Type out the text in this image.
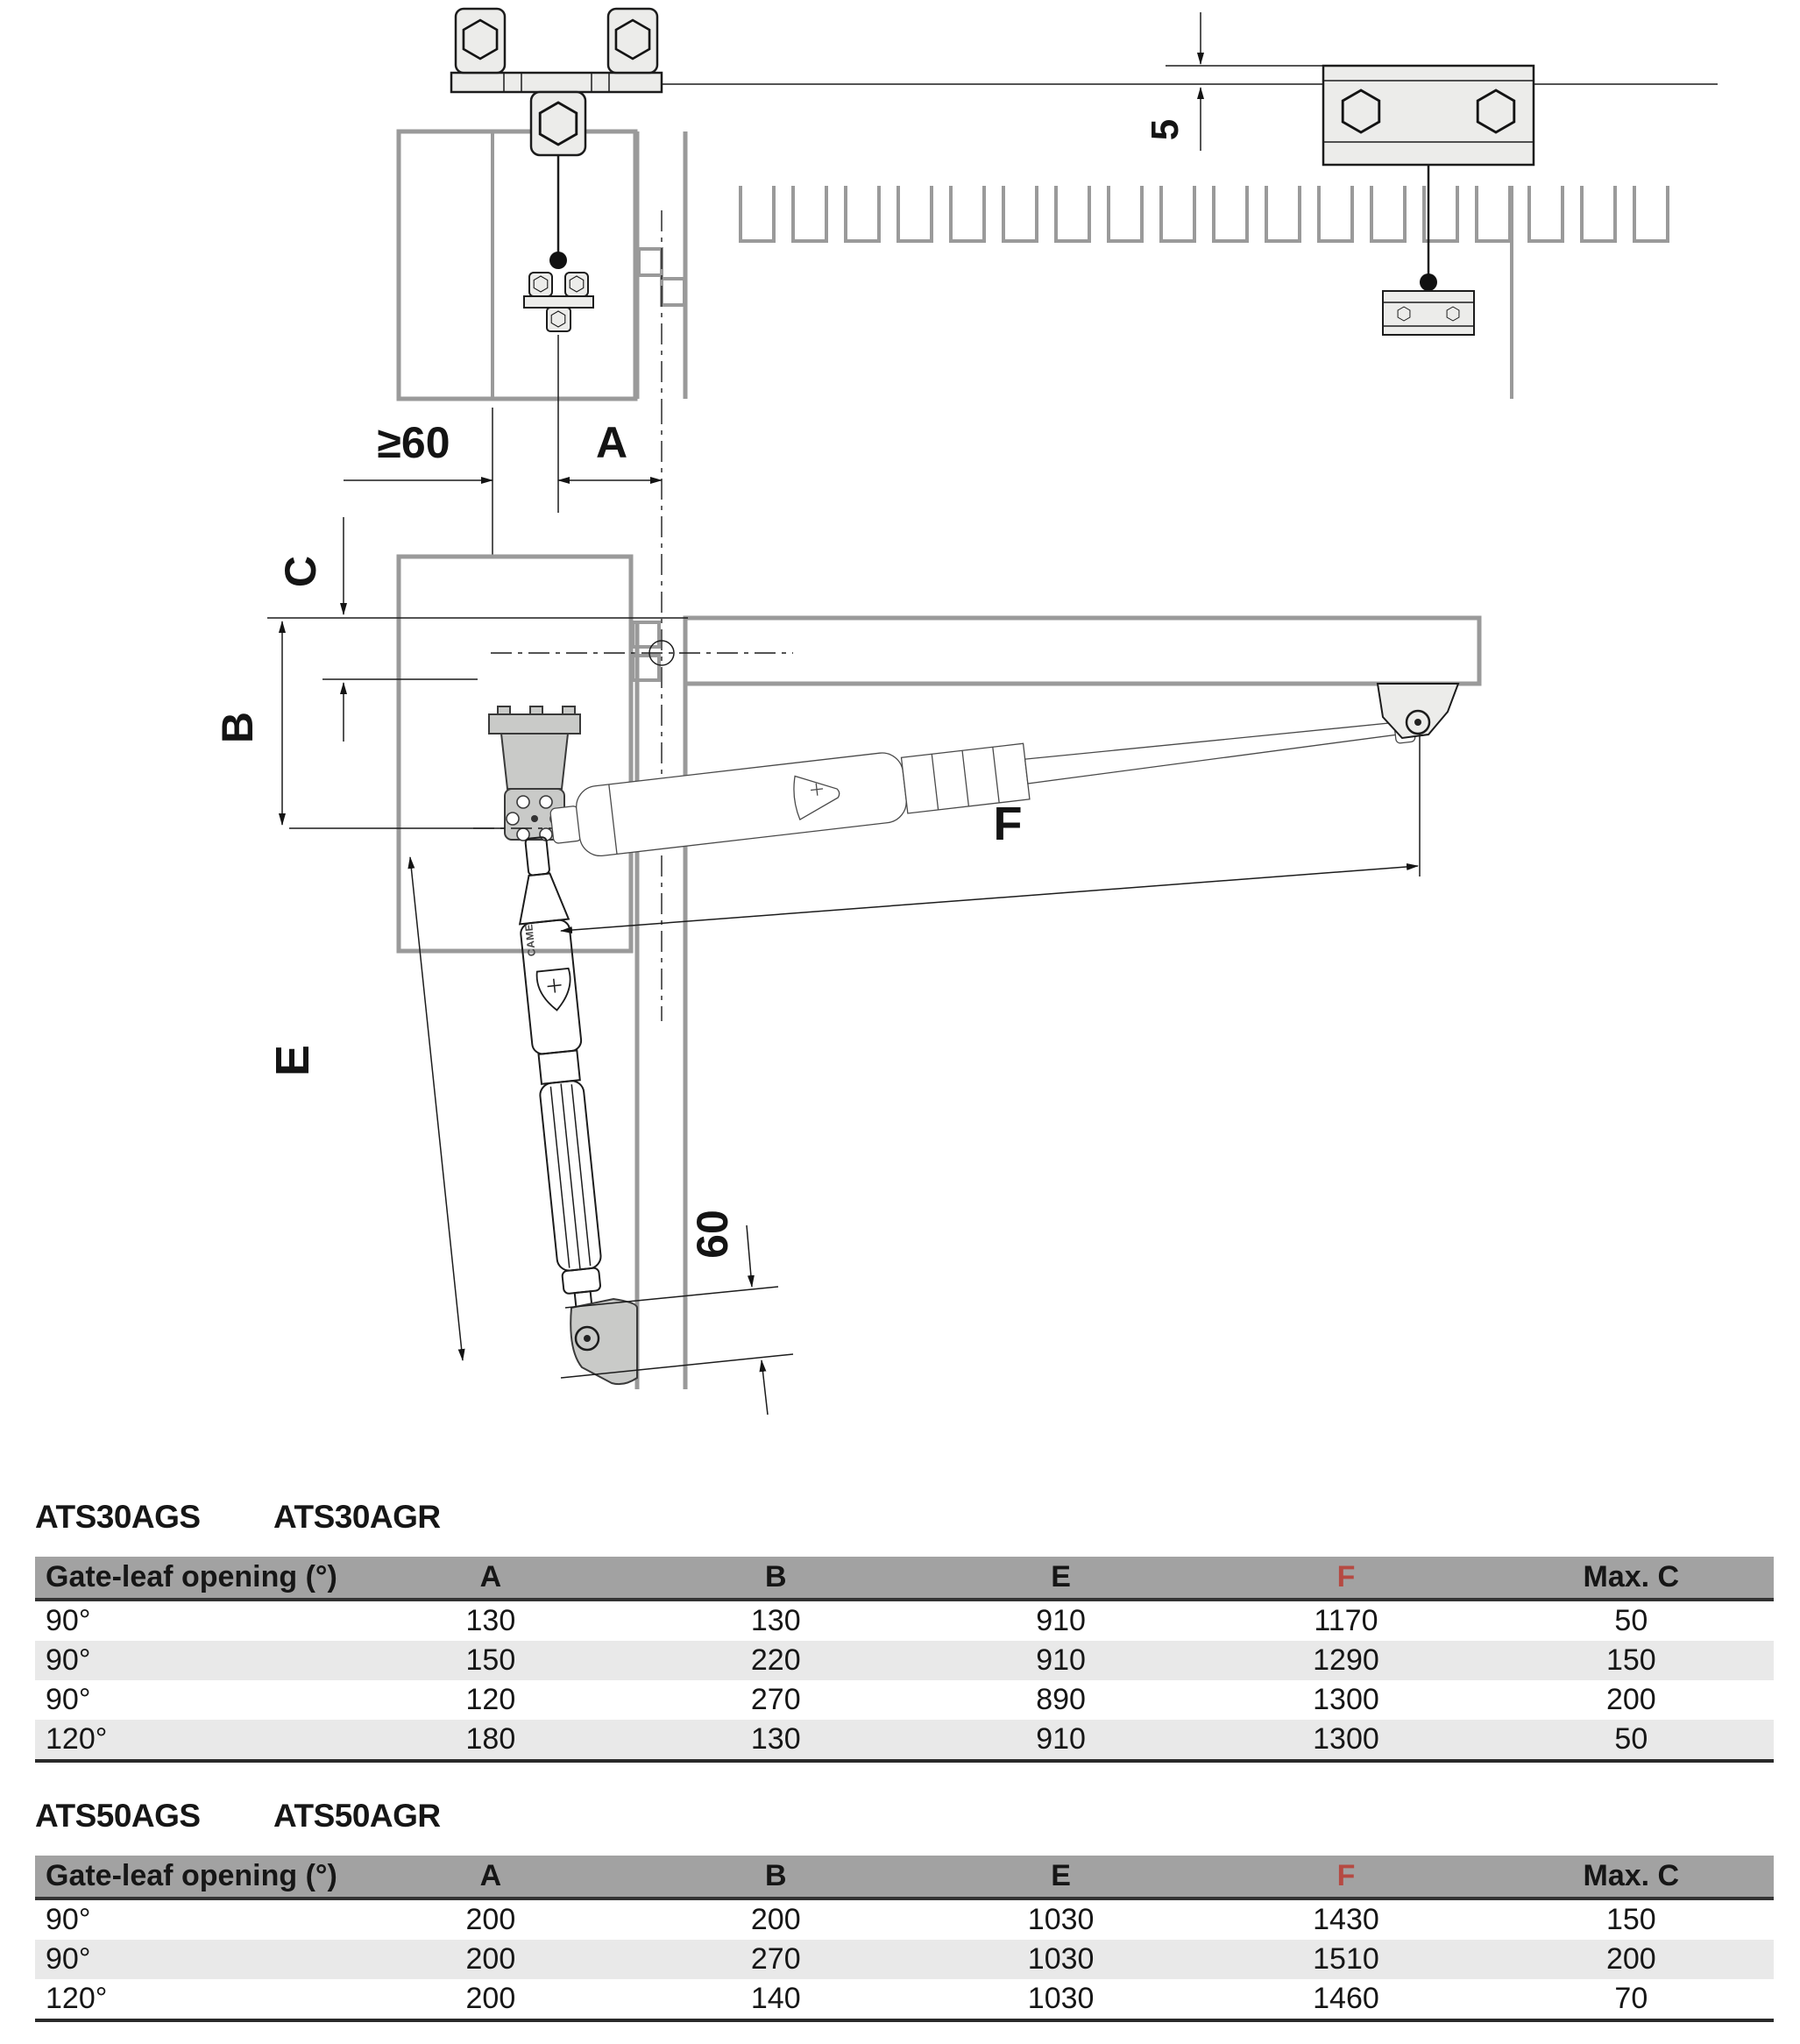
5
≥60	A
C
B
CAME
F
E
60
ATS30AGS	ATS30AGR
Gate-leaf opening (°)	A	B	E	F	Max. C
90°	130	130	910	1170	50
90°	150	220	910	1290	150
90°	120	270	890	1300	200
120°	180	130	910	1300	50
ATS50AGS	ATS50AGR
Gate-leaf opening (°)	A	B	E	F	Max. C
90°	200	200	1030	1430	150
90°	200	270	1030	1510	200
120°	200	140	1030	1460	70
